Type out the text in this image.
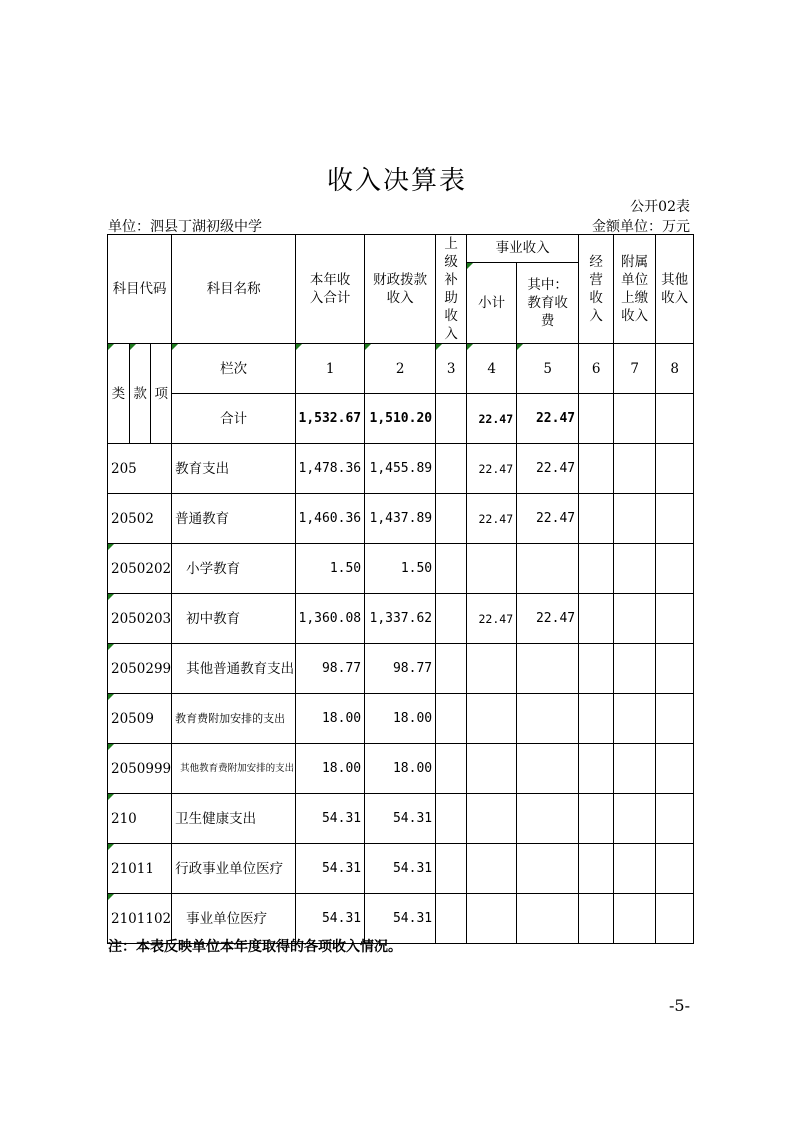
收入决算表
公开02表
单位：泗县丁湖初级中学	金额单位：万元
科目代码			科目名称	本年收入合计	财政拨款收入	上级补助收入	事业收入		经营收入	附属单位上缴收入	其他收入
							小计	其中：教育收费			
类	款	项	栏次	1	2	3	4	5	6	7	8
			合计	1,532.67	1,510.20		22.47	22.47			
205			教育支出	1,478.36	1,455.89		22.47	22.47			
20502			普通教育	1,460.36	1,437.89		22.47	22.47			
2050202			小学教育	1.50	1.50						
2050203			初中教育	1,360.08	1,337.62		22.47	22.47			
2050299			其他普通教育支出	98.77	98.77						
20509			教育费附加安排的支出	18.00	18.00						
2050999			其他教育费附加安排的支出	18.00	18.00						
210			卫生健康支出	54.31	54.31						
21011			行政事业单位医疗	54.31	54.31						
2101102			事业单位医疗	54.31	54.31						
注：本表反映单位本年度取得的各项收入情况。
-5-
